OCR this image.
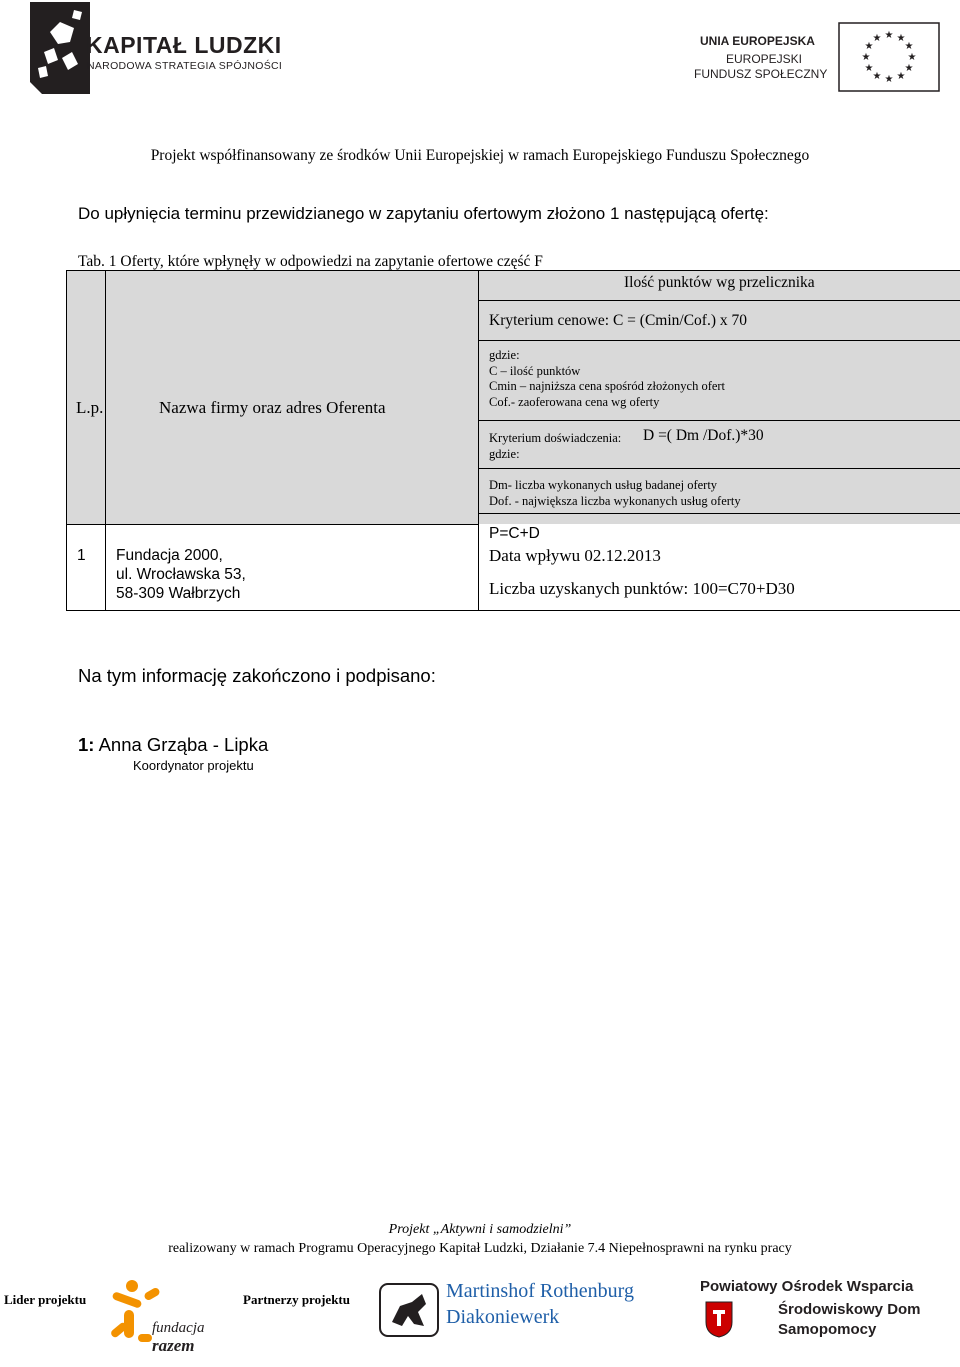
KAPITAŁ LUDZKI
NARODOWA STRATEGIA SPÓJNOŚCI
UNIA EUROPEJSKA
EUROPEJSKI
FUNDUSZ SPOŁECZNY
★ ★
★
★
★
★
★
★
★
★
★
★
Projekt współfinansowany ze środków Unii Europejskiej w ramach Europejskiego Funduszu Społecznego
Do upłynięcia terminu przewidzianego w zapytaniu ofertowym złożono 1 następującą ofertę:
Tab. 1 Oferty, które wpłynęły w odpowiedzi na zapytanie ofertowe część F
L.p.	Nazwa firmy oraz adres Oferenta
Ilość punktów wg przelicznika
Kryterium cenowe: C = (Cmin/Cof.) x 70
gdzie:
C – ilość punktów
Cmin – najniższa cena spośród złożonych ofert
Cof.- zaoferowana cena wg oferty
Kryterium doświadczenia: D =( Dm /Dof.)*30
gdzie:
Dm- liczba wykonanych usług badanej oferty
Dof. - największa liczba wykonanych usług oferty
P=C+D
1 Fundacja 2000,
ul. Wrocławska 53,
58-309 Wałbrzych
Data wpływu 02.12.2013
Liczba uzyskanych punktów: 100=C70+D30
Na tym informację zakończono i podpisano:
1: Anna Grząba - Lipka
Koordynator projektu
Projekt „Aktywni i samodzielni”
realizowany w ramach Programu Operacyjnego Kapitał Ludzki, Działanie 7.4 Niepełnosprawni na rynku pracy
Lider projektu
fundacja
razem
Partnerzy projektu	Martinshof Rothenburg
Diakoniewerk
Powiatowy Ośrodek Wsparcia
Środowiskowy Dom
Samopomocy
